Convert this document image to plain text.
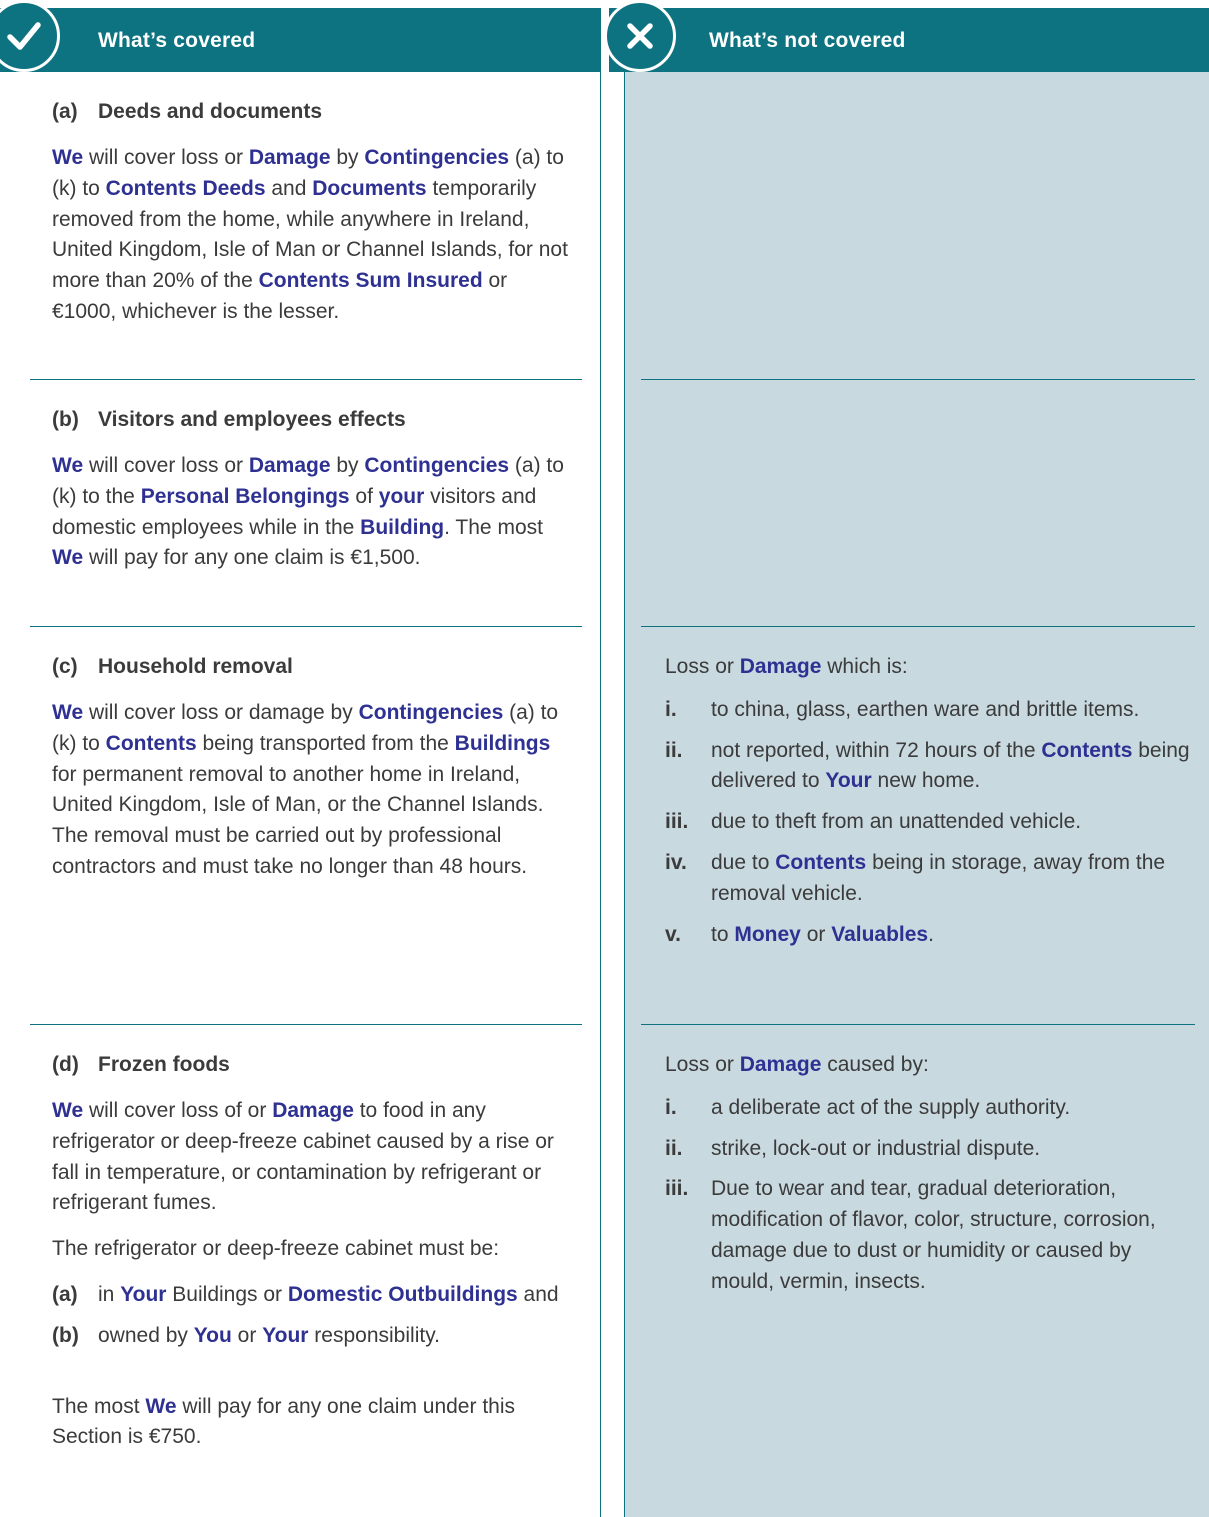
What’s covered	What’s not covered
(a) Deeds and documents

We will cover loss or Damage by Contingencies (a) to (k) to Contents Deeds and Documents temporarily removed from the home, while anywhere in Ireland, United Kingdom, Isle of Man or Channel Islands, for not more than 20% of the Contents Sum Insured or €1000, whichever is the lesser.

(b) Visitors and employees effects

We will cover loss or Damage by Contingencies (a) to (k) to the Personal Belongings of your visitors and domestic employees while in the Building. The most We will pay for any one claim is €1,500.

(c) Household removal

We will cover loss or damage by Contingencies (a) to (k) to Contents being transported from the Buildings for permanent removal to another home in Ireland, United Kingdom, Isle of Man, or the Channel Islands. The removal must be carried out by professional contractors and must take no longer than 48 hours.

(d) Frozen foods

We will cover loss of or Damage to food in any refrigerator or deep-freeze cabinet caused by a rise or fall in temperature, or contamination by refrigerant or refrigerant fumes.

The refrigerator or deep-freeze cabinet must be:

(a) in Your Buildings or Domestic Outbuildings and
(b) owned by You or Your responsibility.

The most We will pay for any one claim under this Section is €750.

Loss or Damage which is:

i. to china, glass, earthen ware and brittle items.
ii. not reported, within 72 hours of the Contents being delivered to Your new home.
iii. due to theft from an unattended vehicle.
iv. due to Contents being in storage, away from the removal vehicle.
v. to Money or Valuables.

Loss or Damage caused by:

i. a deliberate act of the supply authority.
ii. strike, lock-out or industrial dispute.
iii. Due to wear and tear, gradual deterioration, modification of flavor, color, structure, corrosion, damage due to dust or humidity or caused by mould, vermin, insects.
